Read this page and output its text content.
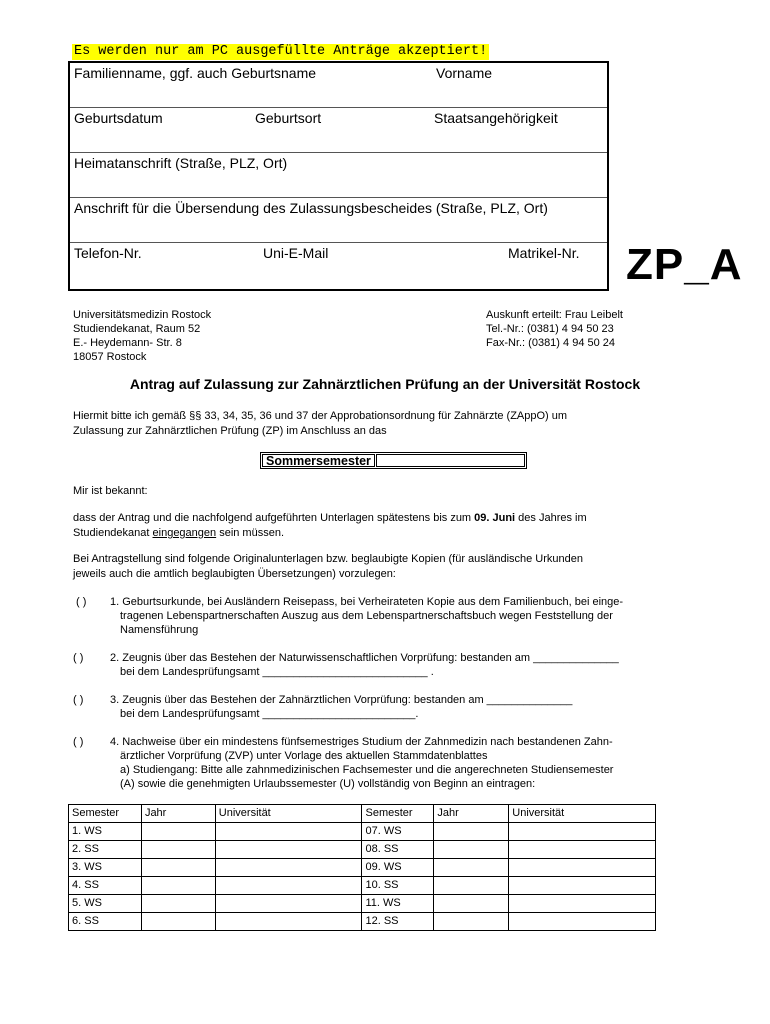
Es werden nur am PC ausgefüllte Anträge akzeptiert!
Familienname, ggf. auch Geburtsname	Vorname
Geburtsdatum	Geburtsort	Staatsangehörigkeit
Heimatanschrift (Straße, PLZ, Ort)
Anschrift für die Übersendung des Zulassungsbescheides (Straße, PLZ, Ort)
Telefon-Nr.	Uni-E-Mail	Matrikel-Nr. ZP_A
Universitätsmedizin Rostock
Studiendekanat, Raum 52
E.- Heydemann- Str. 8
18057 Rostock
Auskunft erteilt: Frau Leibelt
Tel.-Nr.: (0381) 4 94 50 23
Fax-Nr.: (0381) 4 94 50 24
Antrag auf Zulassung zur Zahnärztlichen Prüfung an der Universität Rostock
Hiermit bitte ich gemäß §§ 33, 34, 35, 36 und 37 der Approbationsordnung für Zahnärzte (ZAppO) um
Zulassung zur Zahnärztlichen Prüfung (ZP) im Anschluss an das
Sommersemester
Mir ist bekannt:
dass der Antrag und die nachfolgend aufgeführten Unterlagen spätestens bis zum 09. Juni des Jahres im
Studiendekanat eingegangen sein müssen.
Bei Antragstellung sind folgende Originalunterlagen bzw. beglaubigte Kopien (für ausländische Urkunden
jeweils auch die amtlich beglaubigten Übersetzungen) vorzulegen:
( ) 1. Geburtsurkunde, bei Ausländern Reisepass, bei Verheirateten Kopie aus dem Familienbuch, bei einge-
tragenen Lebenspartnerschaften Auszug aus dem Lebenspartnerschaftsbuch wegen Feststellung der
Namensführung
( ) 2. Zeugnis über das Bestehen der Naturwissenschaftlichen Vorprüfung: bestanden am ______________
bei dem Landesprüfungsamt ___________________________ .
( ) 3. Zeugnis über das Bestehen der Zahnärztlichen Vorprüfung: bestanden am ______________
bei dem Landesprüfungsamt _________________________.
( ) 4. Nachweise über ein mindestens fünfsemestriges Studium der Zahnmedizin nach bestandenen Zahn-
ärztlicher Vorprüfung (ZVP) unter Vorlage des aktuellen Stammdatenblattes
a) Studiengang: Bitte alle zahnmedizinischen Fachsemester und die angerechneten Studiensemester
(A) sowie die genehmigten Urlaubssemester (U) vollständig von Beginn an eintragen:
Semester	Jahr	Universität	Semester	Jahr	Universität
1. WS			07. WS		
2. SS			08. SS		
3. WS			09. WS		
4. SS			10. SS		
5. WS			11. WS		
6. SS			12. SS		
